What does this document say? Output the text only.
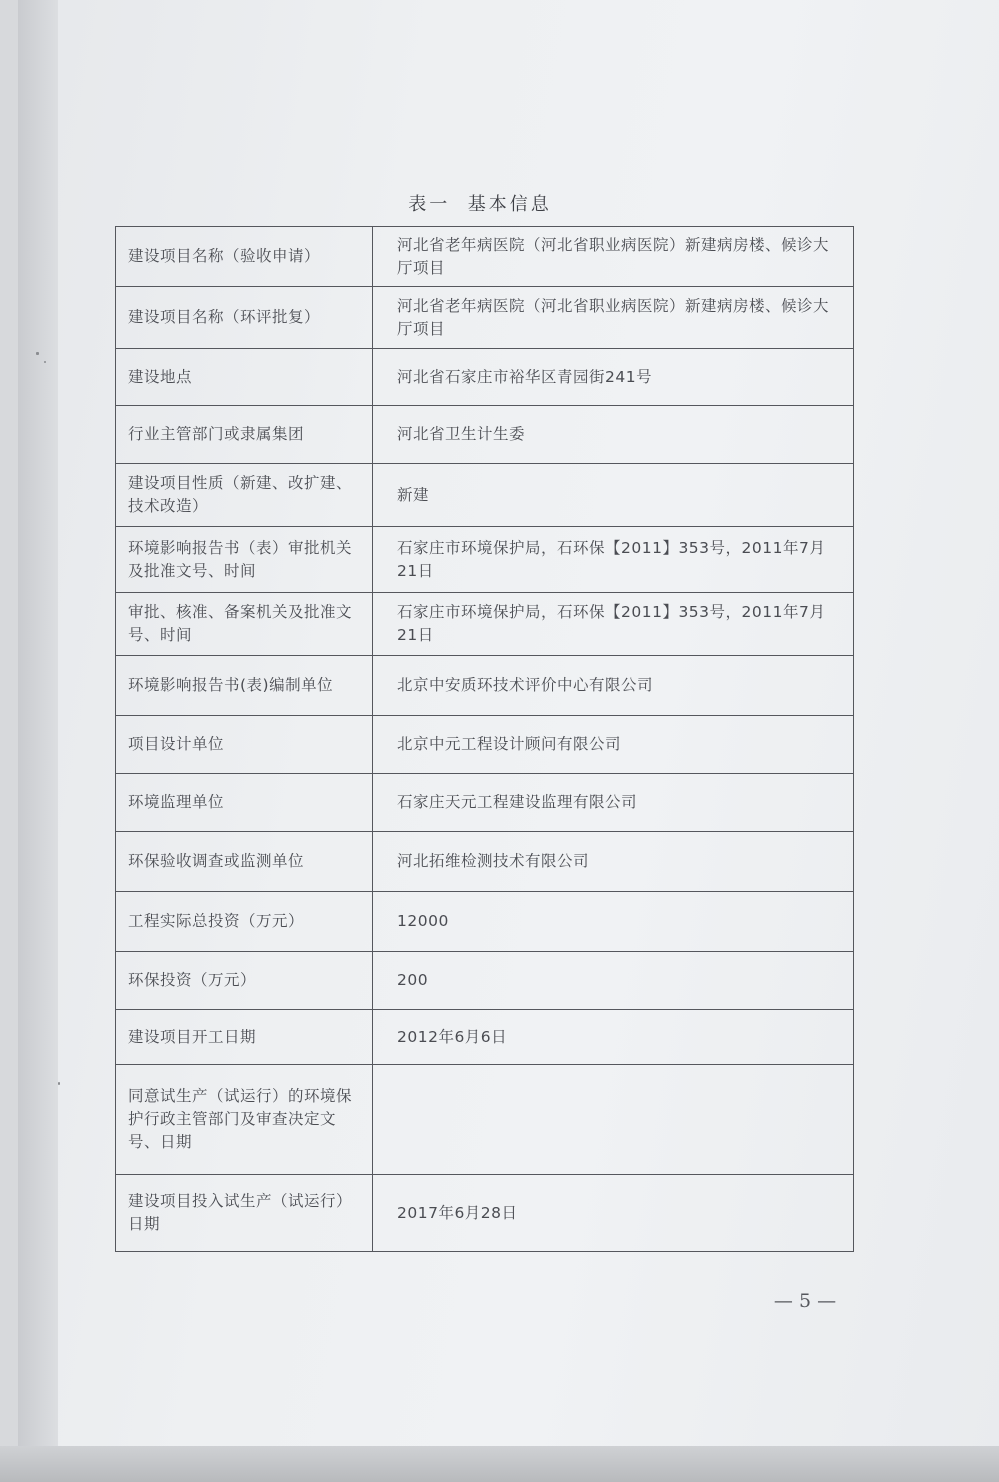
表一  基本信息
建设项目名称（验收申请）	河北省老年病医院（河北省职业病医院）新建病房楼、候诊大厅项目
建设项目名称（环评批复）	河北省老年病医院（河北省职业病医院）新建病房楼、候诊大厅项目
建设地点	河北省石家庄市裕华区青园街241号
行业主管部门或隶属集团	河北省卫生计生委
建设项目性质（新建、改扩建、技术改造）	新建
环境影响报告书（表）审批机关及批准文号、时间	石家庄市环境保护局，石环保【2011】353号，2011年7月21日
审批、核准、备案机关及批准文号、时间	石家庄市环境保护局，石环保【2011】353号，2011年7月21日
环境影响报告书(表)编制单位	北京中安质环技术评价中心有限公司
项目设计单位	北京中元工程设计顾问有限公司
环境监理单位	石家庄天元工程建设监理有限公司
环保验收调查或监测单位	河北拓维检测技术有限公司
工程实际总投资（万元）	12000
环保投资（万元）	200
建设项目开工日期	2012年6月6日
同意试生产（试运行）的环境保护行政主管部门及审查决定文号、日期	
建设项目投入试生产（试运行）日期	2017年6月28日
— 5 —
